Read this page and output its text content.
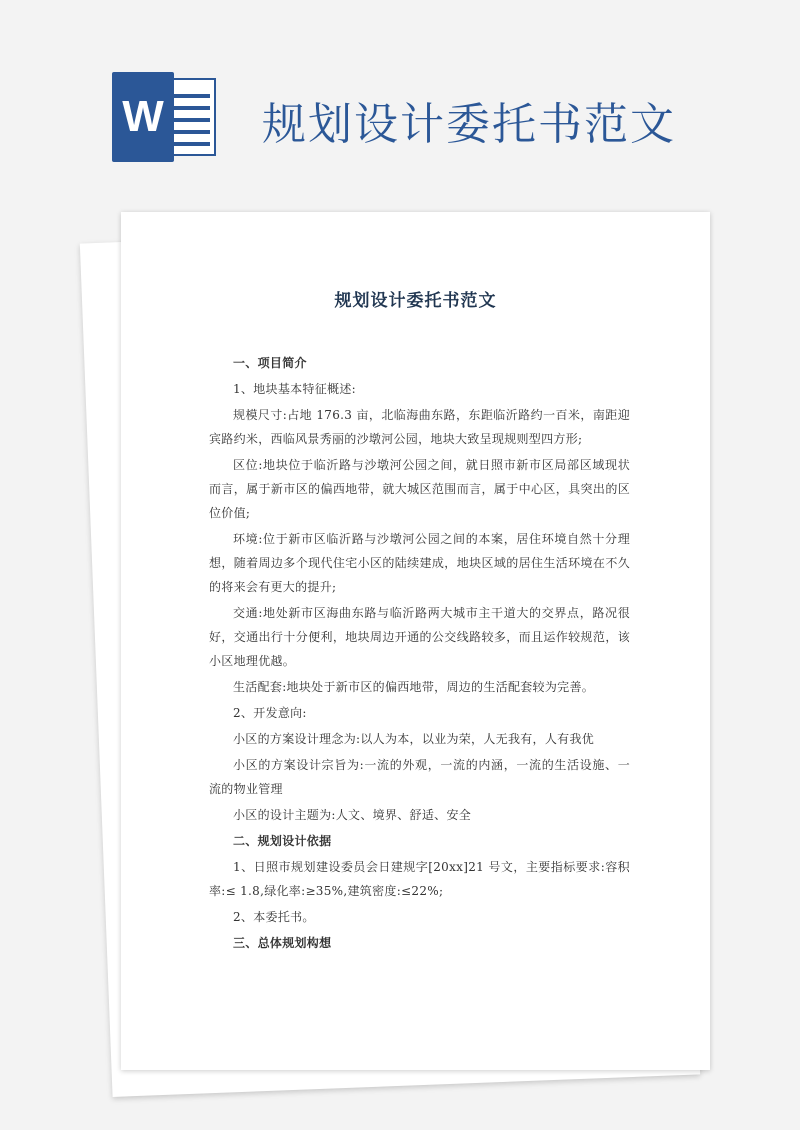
W 规划设计委托书范文
规划设计委托书范文

一、项目简介

1、地块基本特征概述:

规模尺寸:占地 176.3 亩，北临海曲东路，东距临沂路约一百米，南距迎宾路约米，西临风景秀丽的沙墩河公园，地块大致呈现规则型四方形;

区位:地块位于临沂路与沙墩河公园之间，就日照市新市区局部区域现状而言，属于新市区的偏西地带，就大城区范围而言，属于中心区，具突出的区位价值;

环境:位于新市区临沂路与沙墩河公园之间的本案，居住环境自然十分理想，随着周边多个现代住宅小区的陆续建成，地块区域的居住生活环境在不久的将来会有更大的提升;

交通:地处新市区海曲东路与临沂路两大城市主干道大的交界点，路况很好，交通出行十分便利，地块周边开通的公交线路较多，而且运作较规范，该小区地理优越。

生活配套:地块处于新市区的偏西地带，周边的生活配套较为完善。

2、开发意向:

小区的方案设计理念为:以人为本，以业为荣，人无我有，人有我优

小区的方案设计宗旨为:一流的外观，一流的内涵，一流的生活设施、一流的物业管理

小区的设计主题为:人文、境界、舒适、安全

二、规划设计依据

1、日照市规划建设委员会日建规字[20xx]21 号文，主要指标要求:容积率:≤ 1.8,绿化率:≥35%,建筑密度:≤22%;

2、本委托书。

三、总体规划构想
